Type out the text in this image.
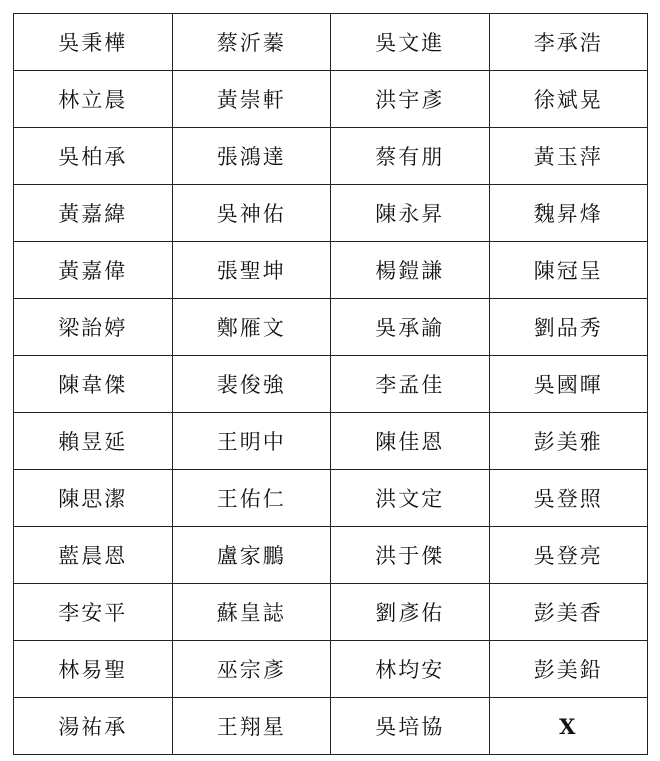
吳秉樺	蔡沂蓁	吳文進	李承浩
林立晨	黃崇軒	洪宇彥	徐斌晃
吳柏承	張鴻達	蔡有朋	黃玉萍
黃嘉緯	吳神佑	陳永昇	魏昇烽
黃嘉偉	張聖坤	楊鎧謙	陳冠呈
梁詒婷	鄭雁文	吳承諭	劉品秀
陳韋傑	裴俊強	李孟佳	吳國暉
賴昱延	王明中	陳佳恩	彭美雅
陳思潔	王佑仁	洪文定	吳登照
藍晨恩	盧家鵬	洪于傑	吳登亮
李安平	蘇皇誌	劉彥佑	彭美香
林易聖	巫宗彥	林均安	彭美鉛
湯祐承	王翔星	吳培協	X
